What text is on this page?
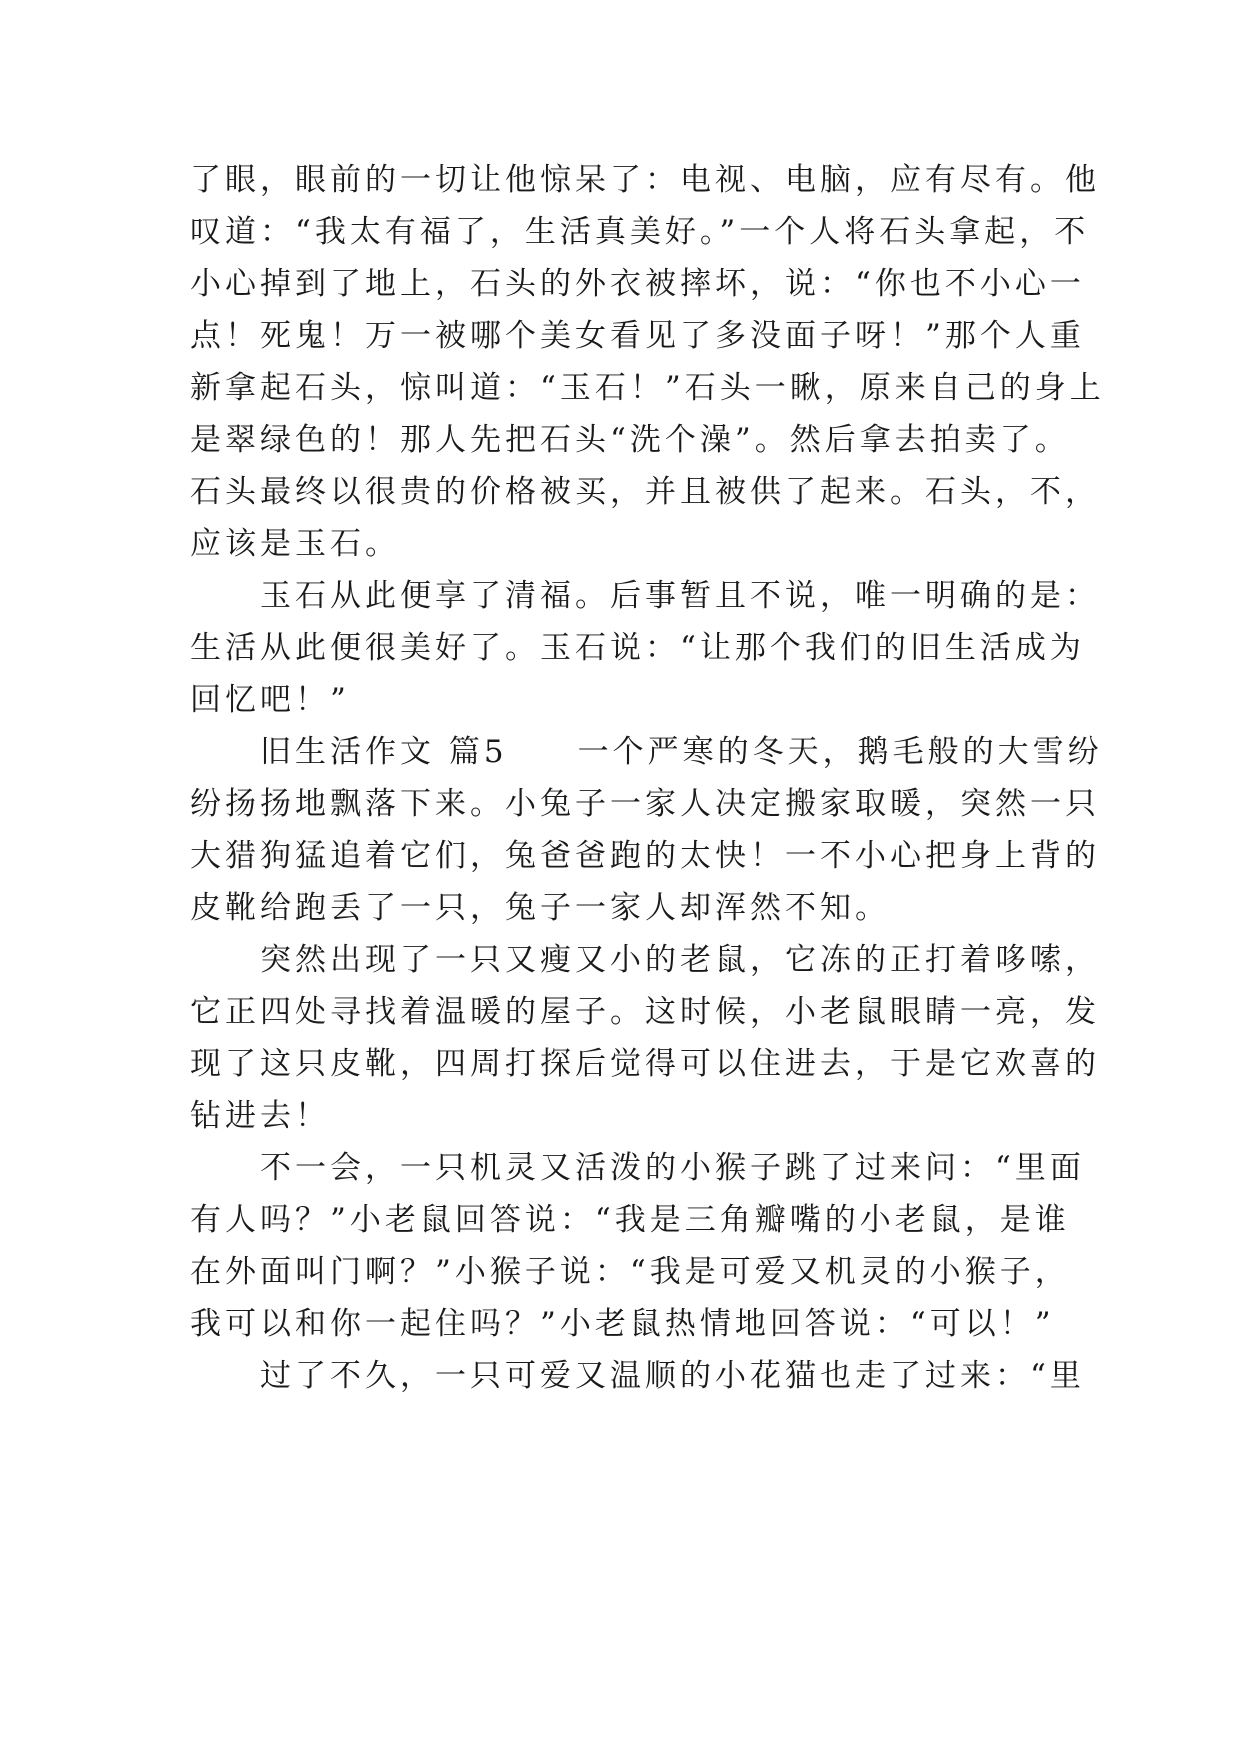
了眼，眼前的一切让他惊呆了：电视、电脑，应有尽有。他
叹道：“我太有福了，生活真美好。”一个人将石头拿起，不
小心掉到了地上，石头的外衣被摔坏，说：“你也不小心一
点！死鬼！万一被哪个美女看见了多没面子呀！”那个人重
新拿起石头，惊叫道：“玉石！”石头一瞅，原来自己的身上
是翠绿色的！那人先把石头“洗个澡”。然后拿去拍卖了。
石头最终以很贵的价格被买，并且被供了起来。石头，不，
应该是玉石。
　　玉石从此便享了清福。后事暂且不说，唯一明确的是：
生活从此便很美好了。玉石说：“让那个我们的旧生活成为
回忆吧！”
　　旧生活作文 篇5　　一个严寒的冬天，鹅毛般的大雪纷
纷扬扬地飘落下来。小兔子一家人决定搬家取暖，突然一只
大猎狗猛追着它们，兔爸爸跑的太快！一不小心把身上背的
皮靴给跑丢了一只，兔子一家人却浑然不知。
　　突然出现了一只又瘦又小的老鼠，它冻的正打着哆嗦，
它正四处寻找着温暖的屋子。这时候，小老鼠眼睛一亮，发
现了这只皮靴，四周打探后觉得可以住进去，于是它欢喜的
钻进去！
　　不一会，一只机灵又活泼的小猴子跳了过来问：“里面
有人吗？”小老鼠回答说：“我是三角瓣嘴的小老鼠，是谁
在外面叫门啊？”小猴子说：“我是可爱又机灵的小猴子，
我可以和你一起住吗？”小老鼠热情地回答说：“可以！”
　　过了不久，一只可爱又温顺的小花猫也走了过来：“里
